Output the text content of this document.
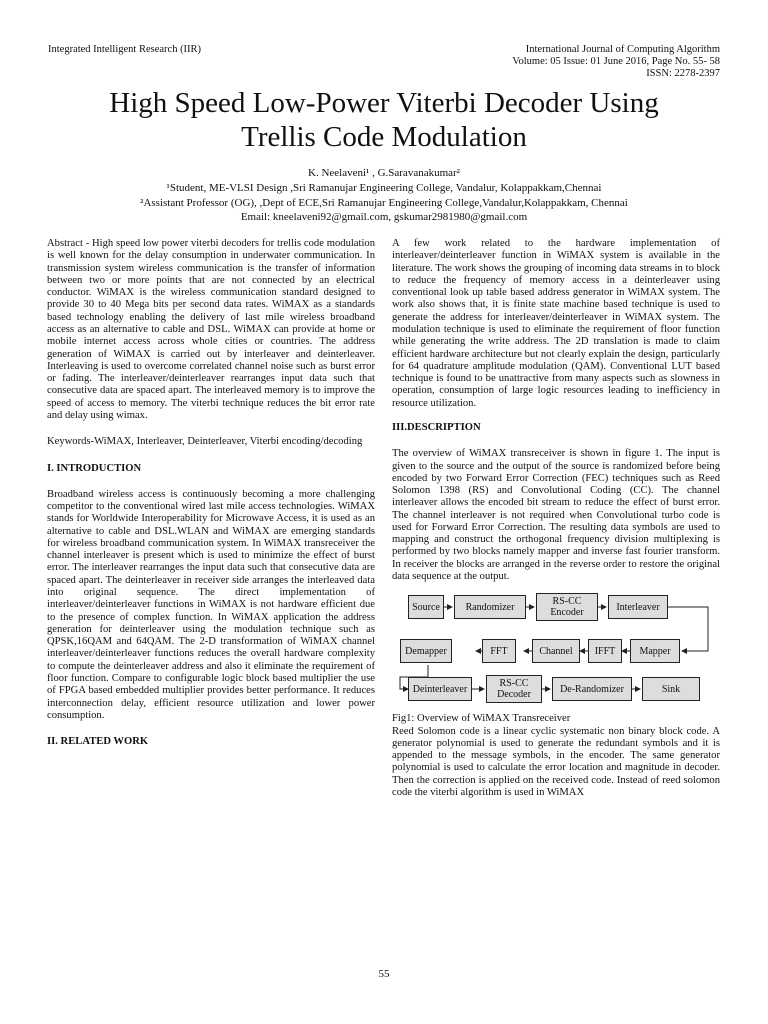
Integrated Intelligent Research (IIR)	International Journal of Computing Algorithm
Volume: 05 Issue: 01 June 2016, Page No. 55- 58
ISSN: 2278-2397
High Speed Low-Power Viterbi Decoder Using
Trellis Code Modulation
K. Neelaveni¹ , G.Saravanakumar²
¹Student, ME-VLSI Design ,Sri Ramanujar Engineering College, Vandalur, Kolappakkam,Chennai
²Assistant Professor (OG), ,Dept of ECE,Sri Ramanujar Engineering College,Vandalur,Kolappakkam, Chennai
Email: kneelaveni92@gmail.com, gskumar2981980@gmail.com

Abstract - High speed low power viterbi decoders for trellis code modulation is well known for the delay consumption in underwater communication. In transmission system wireless communication is the transfer of information between two or more points that are not connected by an electrical conductor. WiMAX is the wireless communication standard designed to provide 30 to 40 Mega bits per second data rates. WiMAX as a standards based technology enabling the delivery of last mile wireless broadband access as an alternative to cable and DSL. WiMAX can provide at home or mobile internet access across whole cities or countries. The address generation of WiMAX is carried out by interleaver and deinterleaver. Interleaving is used to overcome correlated channel noise such as burst error or fading. The interleaver/deinterleaver rearranges input data such that consecutive data are spaced apart. The interleaved memory is to improve the speed of access to memory. The viterbi technique reduces the bit error rate and delay using wimax.

Keywords-WiMAX, Interleaver, Deinterleaver, Viterbi encoding/decoding

I. INTRODUCTION

Broadband wireless access is continuously becoming a more challenging competitor to the conventional wired last mile access technologies. WiMAX stands for Worldwide Interoperability for Microwave Access, it is used as an alternative to cable and DSL.WLAN and WiMAX are emerging standards for wireless broadband communication system. In WiMAX transreceiver the channel interleaver is present which is used to minimize the effect of burst error. The interleaver rearranges the input data such that consecutive data are spaced apart. The deinterleaver in receiver side arranges the interleaved data into original sequence. The direct implementation of interleaver/deinterleaver functions in WiMAX is not hardware efficient due to the presence of complex function. In WiMAX application the address generation for deinterleaver using the modulation technique such as QPSK,16QAM and 64QAM. The 2-D transformation of WiMAX channel interleaver/deinterleaver functions reduces the overall hardware complexity to compute the deinterleaver address and also it eliminate the requirement of floor function. Compare to configurable logic block based multiplier the use of FPGA based embedded multiplier provides better performance. It reduces interconnection delay, efficient resource utilization and lower power consumption.

II. RELATED WORK

A few work related to the hardware implementation of interleaver/deinterleaver function in WiMAX system is available in the literature. The work shows the grouping of incoming data streams in to block to reduce the frequency of memory access in a deinterleaver using conventional look up table based address generator in WiMAX system. The work also shows that, it is finite state machine based technique is used to generate the address for interleaver/deinterleaver in WiMAX system. The modulation technique is used to eliminate the requirement of floor function while generating the write address. The 2D translation is made to claim efficient hardware architecture but not clearly explain the design, particularly for 64 quadrature amplitude modulation (QAM). Conventional LUT based technique is found to be unattractive from many aspects such as slowness in operation, consumption of large logic resources leading to inefficiency in resource utilization.

III.DESCRIPTION

The overview of WiMAX transreceiver is shown in figure 1. The input is given to the source and the output of the source is randomized before being encoded by two Forward Error Correction (FEC) techniques such as Reed Solomon 1398 (RS) and Convolutional Coding (CC). The channel interleaver allows the encoded bit stream to reduce the effect of burst error. The channel interleaver is not required when Convolutional turbo code is used for Forward Error Correction. The resulting data symbols are used to mapping and construct the orthogonal frequency division multiplexing is performed by two blocks namely mapper and inverse fast fourier transform. In receiver the blocks are arranged in the reverse order to restore the original data sequence at the output.

Source	Randomizer	RS-CC
Encoder	Interleaver
Demapper	FFT	Channel IFFT Mapper
Deinterleaver	RS-CC
Decoder	De-Randomizer	Sink

Fig1: Overview of WiMAX Transreceiver

Reed Solomon code is a linear cyclic systematic non binary block code. A generator polynomial is used to generate the redundant symbols and it is appended to the message symbols, in the encoder. The same generator polynomial is used to calculate the error location and magnitude in decoder. Then the correction is applied on the received code. Instead of reed solomon code the viterbi algorithm is used in WiMAX

55
